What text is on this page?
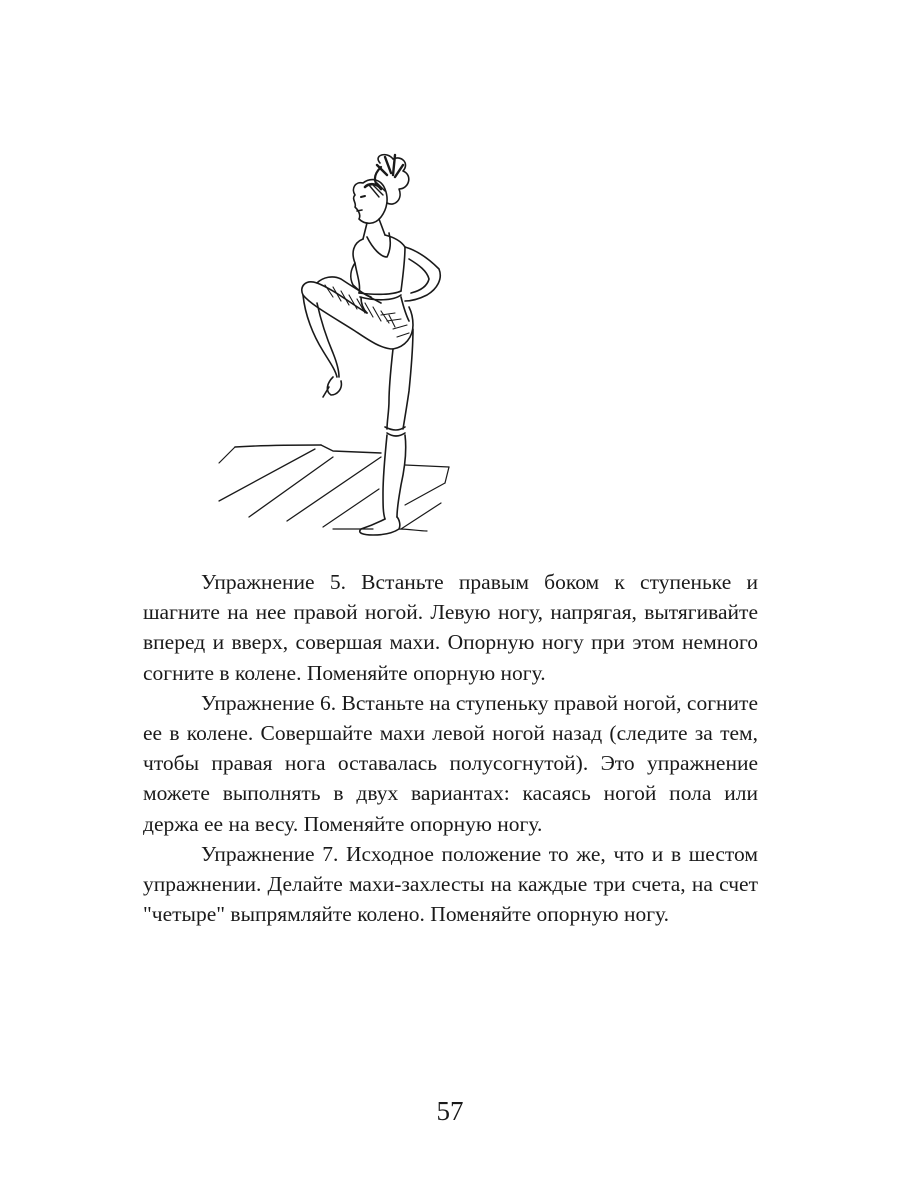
Упражнение 5. Встаньте правым боком к ступеньке и шагните на нее правой ногой. Левую ногу, напрягая, вытягивайте вперед и вверх, совершая махи. Опорную ногу при этом немного согните в колене. Поменяйте опорную ногу.

Упражнение 6. Встаньте на ступеньку правой ногой, согните ее в колене. Совершайте махи левой ногой назад (следите за тем, чтобы правая нога оставалась полусогнутой). Это упражнение можете выполнять в двух вариантах: касаясь ногой пола или держа ее на весу. Поменяйте опорную ногу.

Упражнение 7. Исходное положение то же, что и в шестом упражнении. Делайте махи-захлесты на каждые три счета, на счет "четыре" выпрямляйте колено. Поменяйте опорную ногу.

57
